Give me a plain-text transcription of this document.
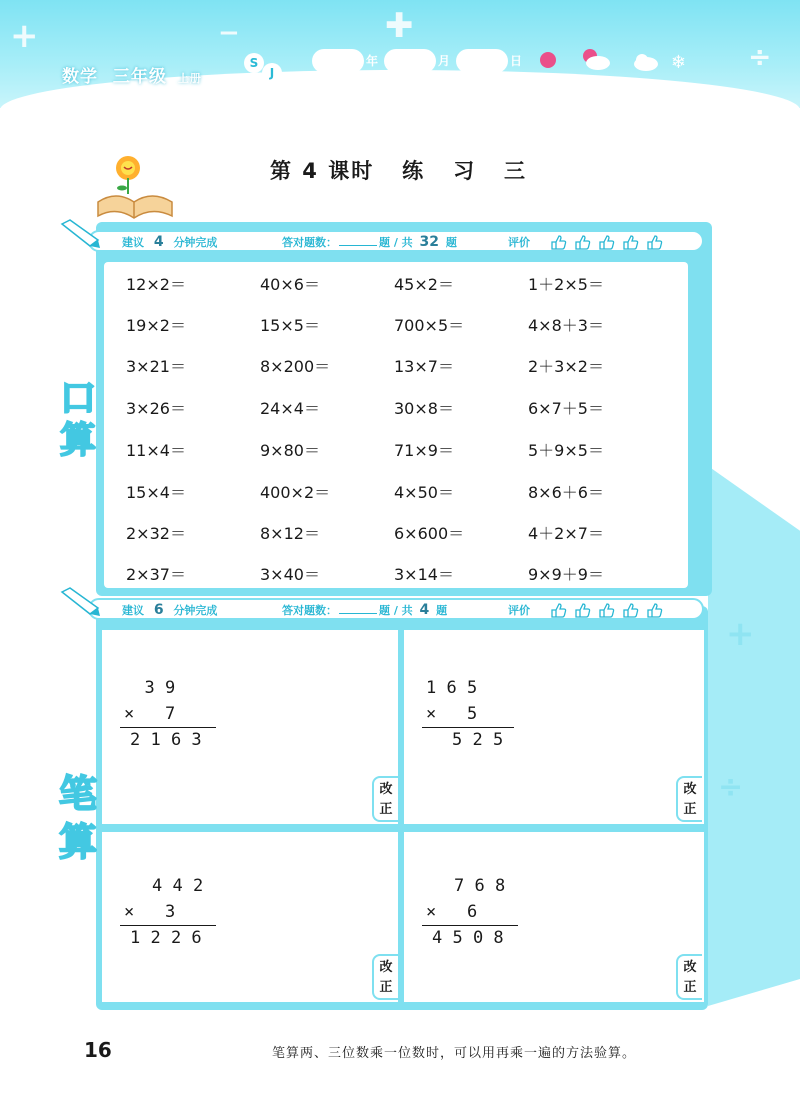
+	✚
÷
−
数学 三年级 上册
S
J
年	月	日	❄
第 4 课时   练   习   三
+
÷
建议 4 分钟完成	答对题数：	题 / 共 32 题	评价
12×2＝	40×6＝	45×2＝	1＋2×5＝
19×2＝	15×5＝	700×5＝	4×8＋3＝
3×21＝	8×200＝	13×7＝	2＋3×2＝
3×26＝	24×4＝	30×8＝	6×7＋5＝
11×4＝	9×80＝	71×9＝	5＋9×5＝
15×4＝	400×2＝	4×50＝	8×6＋6＝
2×32＝	8×12＝	6×600＝	4＋2×7＝
2×37＝	3×40＝	3×14＝	9×9＋9＝
口
算
建议 6 分钟完成	答对题数：	题 / 共 4 题	评价
3 9
×   7
2 1 6 3
改
正
1 6 5
×   5
5 2 5
改
正
4 4 2
×   3
1 2 2 6
改
正
7 6 8
×   6
4 5 0 8
改
正
笔
算
16	笔算两、三位数乘一位数时，可以用再乘一遍的方法验算。
